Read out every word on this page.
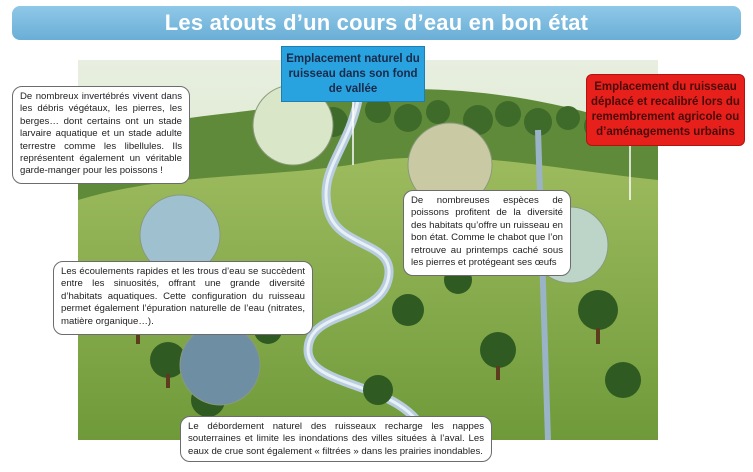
Les atouts d’un cours d’eau en bon état
Emplacement naturel du ruisseau dans son fond de vallée	Emplacement du ruisseau déplacé et recalibré lors du remembrement agricole ou d’aménagements urbains
De nombreux invertébrés vivent dans les débris végétaux, les pierres, les berges… dont certains ont un stade larvaire aquatique et un stade adulte terrestre comme les libellules. Ils représentent également un véritable garde-manger pour les poissons !
De nombreuses espèces de poissons profitent de la diversité des habitats qu’offre un ruisseau en bon état. Comme le chabot que l’on retrouve au printemps caché sous les pierres et protégeant ses œufs
Les écoulements rapides et les trous d’eau se succèdent entre les sinuosités, offrant une grande diversité d’habitats aquatiques. Cette configuration du ruisseau permet également l’épuration naturelle de l’eau (nitrates, matière organique…).
Le débordement naturel des ruisseaux recharge les nappes souterraines et limite les inondations des villes situées à l’aval. Les eaux de crue sont également « filtrées » dans les prairies inondables.
